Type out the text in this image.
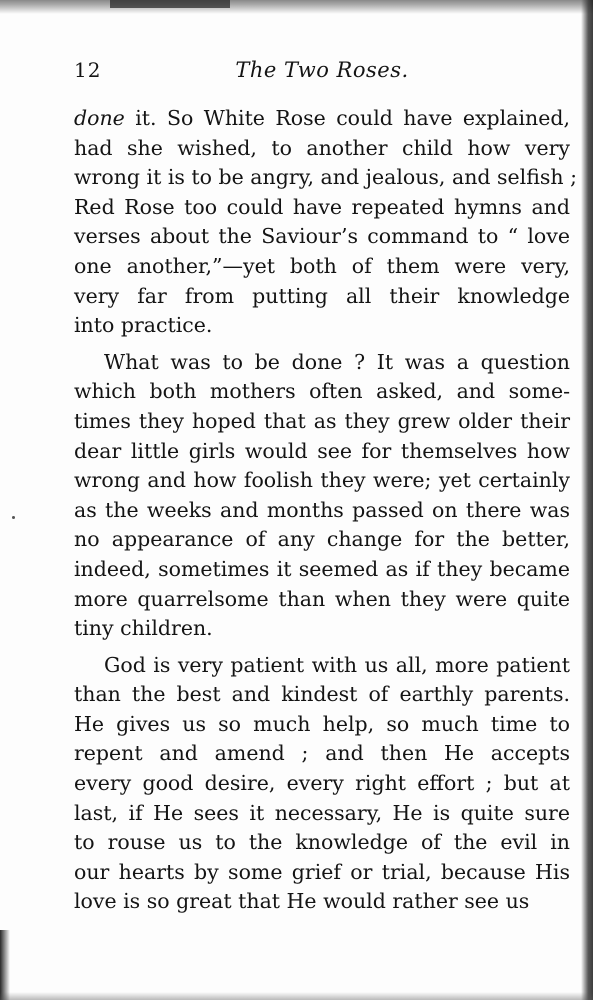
12	The Two Roses.
done it. So White Rose could have explained,
had she wished, to another child how very
wrong it is to be angry, and jealous, and selfish ;
Red Rose too could have repeated hymns and
verses about the Saviour’s command to “ love
one another,”—yet both of them were very,
very far from putting all their knowledge
into practice.
What was to be done ? It was a question
which both mothers often asked, and some-
times they hoped that as they grew older their
dear little girls would see for themselves how
wrong and how foolish they were; yet certainly
as the weeks and months passed on there was
no appearance of any change for the better,
indeed, sometimes it seemed as if they became
more quarrelsome than when they were quite
tiny children.
God is very patient with us all, more patient
than the best and kindest of earthly parents.
He gives us so much help, so much time to
repent and amend ; and then He accepts
every good desire, every right effort ; but at
last, if He sees it necessary, He is quite sure
to rouse us to the knowledge of the evil in
our hearts by some grief or trial, because His
love is so great that He would rather see us
